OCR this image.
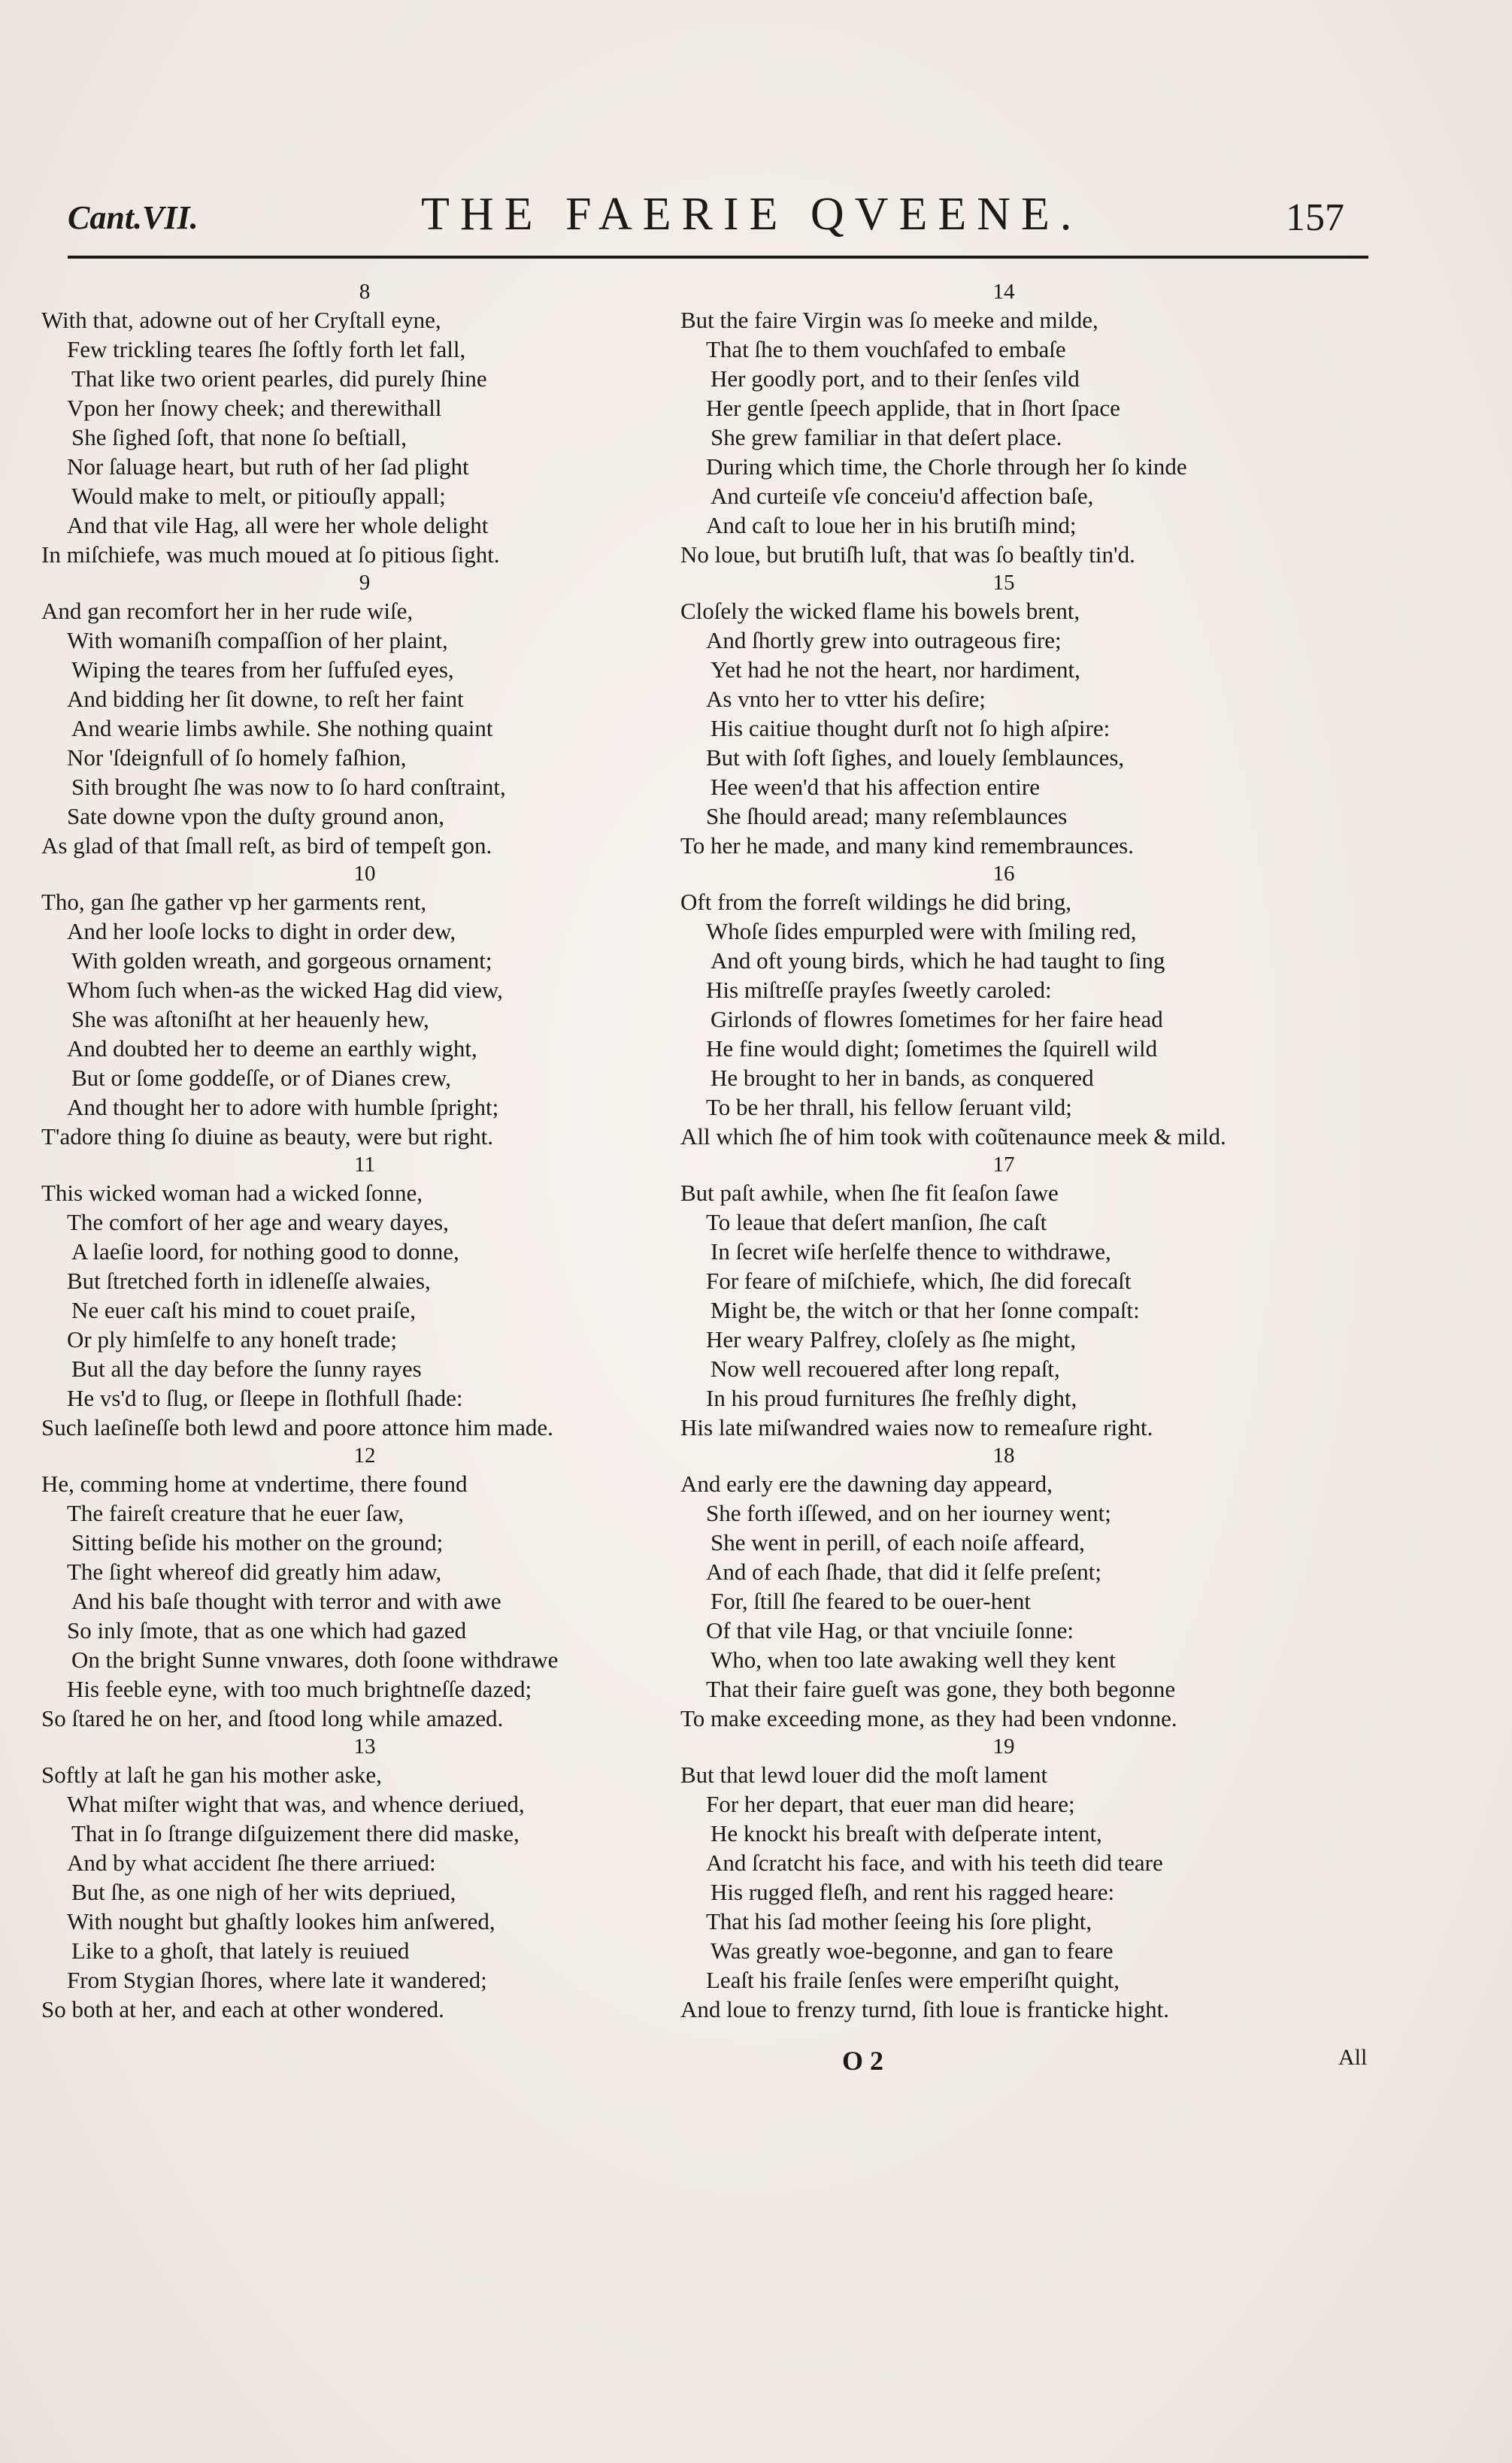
Cant.VII.	THE FAERIE QVEENE.	157
8
With that, adowne out of her Cryſtall eyne,
Few trickling teares ſhe ſoftly forth let fall,
That like two orient pearles, did purely ſhine
Vpon her ſnowy cheek; and therewithall
She ſighed ſoft, that none ſo beſtiall,
Nor ſaluage heart, but ruth of her ſad plight
Would make to melt, or pitiouſly appall;
And that vile Hag, all were her whole delight
In miſchiefe, was much moued at ſo pitious ſight.
9
And gan recomfort her in her rude wiſe,
With womaniſh compaſſion of her plaint,
Wiping the teares from her ſuffuſed eyes,
And bidding her ſit downe, to reſt her faint
And wearie limbs awhile. She nothing quaint
Nor 'ſdeignfull of ſo homely faſhion,
Sith brought ſhe was now to ſo hard conſtraint,
Sate downe vpon the duſty ground anon,
As glad of that ſmall reſt, as bird of tempeſt gon.
10
Tho, gan ſhe gather vp her garments rent,
And her looſe locks to dight in order dew,
With golden wreath, and gorgeous ornament;
Whom ſuch when-as the wicked Hag did view,
She was aſtoniſht at her heauenly hew,
And doubted her to deeme an earthly wight,
But or ſome goddeſſe, or of Dianes crew,
And thought her to adore with humble ſpright;
T'adore thing ſo diuine as beauty, were but right.
11
This wicked woman had a wicked ſonne,
The comfort of her age and weary dayes,
A laeſie loord, for nothing good to donne,
But ſtretched forth in idleneſſe alwaies,
Ne euer caſt his mind to couet praiſe,
Or ply himſelfe to any honeſt trade;
But all the day before the ſunny rayes
He vs'd to ſlug, or ſleepe in ſlothfull ſhade:
Such laeſineſſe both lewd and poore attonce him made.
12
He, comming home at vndertime, there found
The faireſt creature that he euer ſaw,
Sitting beſide his mother on the ground;
The ſight whereof did greatly him adaw,
And his baſe thought with terror and with awe
So inly ſmote, that as one which had gazed
On the bright Sunne vnwares, doth ſoone withdrawe
His feeble eyne, with too much brightneſſe dazed;
So ſtared he on her, and ſtood long while amazed.
13
Softly at laſt he gan his mother aske,
What miſter wight that was, and whence deriued,
That in ſo ſtrange diſguizement there did maske,
And by what accident ſhe there arriued:
But ſhe, as one nigh of her wits depriued,
With nought but ghaſtly lookes him anſwered,
Like to a ghoſt, that lately is reuiued
From Stygian ſhores, where late it wandered;
So both at her, and each at other wondered.
14
But the faire Virgin was ſo meeke and milde,
That ſhe to them vouchſafed to embaſe
Her goodly port, and to their ſenſes vild
Her gentle ſpeech applide, that in ſhort ſpace
She grew familiar in that deſert place.
During which time, the Chorle through her ſo kinde
And curteiſe vſe conceiu'd affection baſe,
And caſt to loue her in his brutiſh mind;
No loue, but brutiſh luſt, that was ſo beaſtly tin'd.
15
Cloſely the wicked flame his bowels brent,
And ſhortly grew into outrageous fire;
Yet had he not the heart, nor hardiment,
As vnto her to vtter his deſire;
His caitiue thought durſt not ſo high aſpire:
But with ſoft ſighes, and louely ſemblaunces,
Hee ween'd that his affection entire
She ſhould aread; many reſemblaunces
To her he made, and many kind remembraunces.
16
Oft from the forreſt wildings he did bring,
Whoſe ſides empurpled were with ſmiling red,
And oft young birds, which he had taught to ſing
His miſtreſſe prayſes ſweetly caroled:
Girlonds of flowres ſometimes for her faire head
He fine would dight; ſometimes the ſquirell wild
He brought to her in bands, as conquered
To be her thrall, his fellow ſeruant vild;
All which ſhe of him took with coũtenaunce meek & mild.
17
But paſt awhile, when ſhe fit ſeaſon ſawe
To leaue that deſert manſion, ſhe caſt
In ſecret wiſe herſelfe thence to withdrawe,
For feare of miſchiefe, which, ſhe did forecaſt
Might be, the witch or that her ſonne compaſt:
Her weary Palfrey, cloſely as ſhe might,
Now well recouered after long repaſt,
In his proud furnitures ſhe freſhly dight,
His late miſwandred waies now to remeaſure right.
18
And early ere the dawning day appeard,
She forth iſſewed, and on her iourney went;
She went in perill, of each noiſe affeard,
And of each ſhade, that did it ſelfe preſent;
For, ſtill ſhe feared to be ouer-hent
Of that vile Hag, or that vnciuile ſonne:
Who, when too late awaking well they kent
That their faire gueſt was gone, they both begonne
To make exceeding mone, as they had been vndonne.
19
But that lewd louer did the moſt lament
For her depart, that euer man did heare;
He knockt his breaſt with deſperate intent,
And ſcratcht his face, and with his teeth did teare
His rugged fleſh, and rent his ragged heare:
That his ſad mother ſeeing his ſore plight,
Was greatly woe-begonne, and gan to feare
Leaſt his fraile ſenſes were emperiſht quight,
And loue to frenzy turnd, ſith loue is franticke hight.
O 2	All
